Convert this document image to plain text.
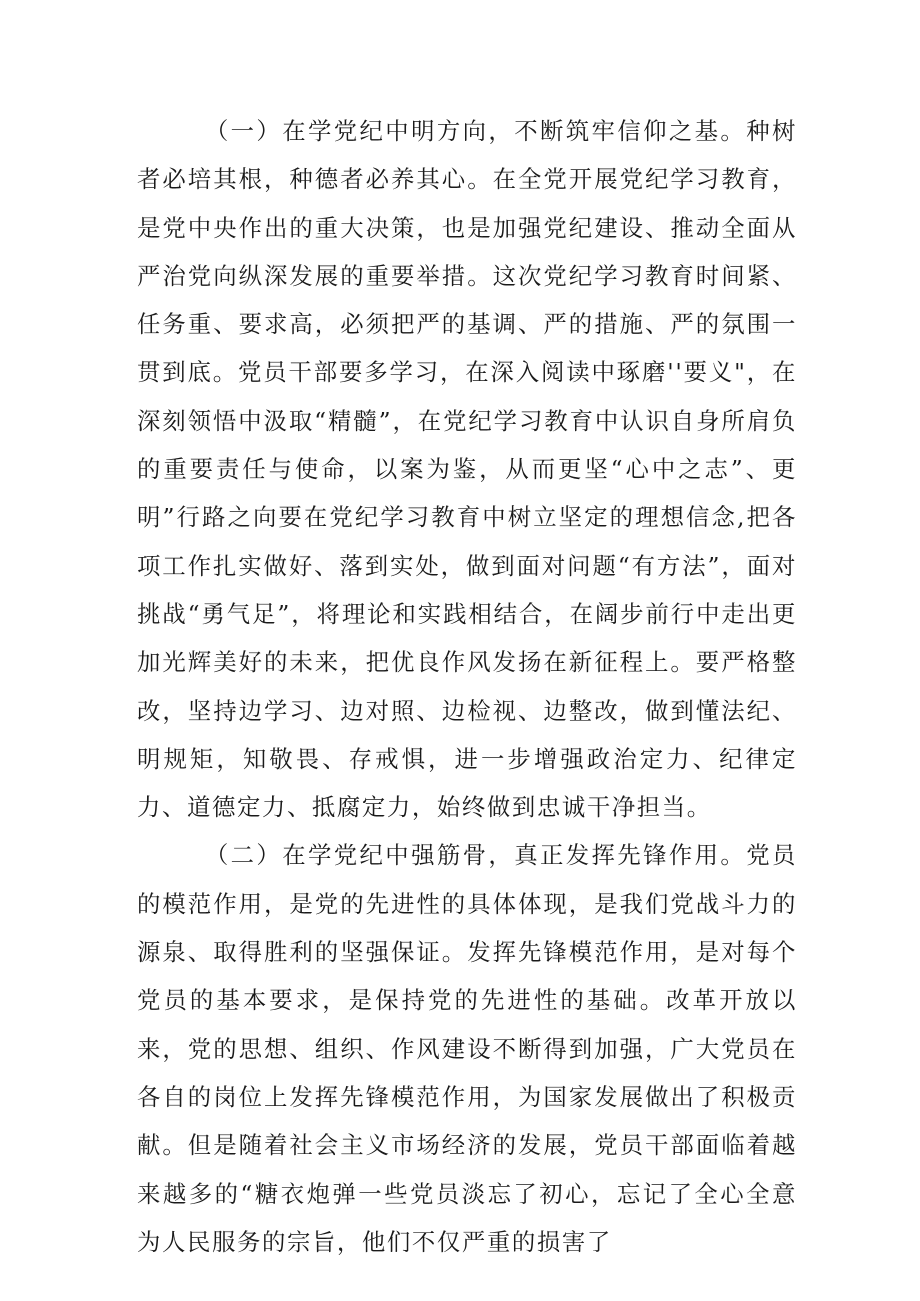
（一）在学党纪中明方向，不断筑牢信仰之基。种树者必培其根，种德者必养其心。在全党开展党纪学习教育，是党中央作出的重大决策，也是加强党纪建设、推动全面从严治党向纵深发展的重要举措。这次党纪学习教育时间紧、任务重、要求高，必须把严的基调、严的措施、严的氛围一贯到底。党员干部要多学习，在深入阅读中琢磨''要义"，在深刻领悟中汲取“精髓”，在党纪学习教育中认识自身所肩负的重要责任与使命，以案为鉴，从而更坚“心中之志”、更明”行路之向要在党纪学习教育中树立坚定的理想信念,把各项工作扎实做好、落到实处，做到面对问题“有方法”，面对挑战“勇气足”，将理论和实践相结合，在阔步前行中走出更加光辉美好的未来，把优良作风发扬在新征程上。要严格整改，坚持边学习、边对照、边检视、边整改，做到懂法纪、明规矩，知敬畏、存戒惧，进一步增强政治定力、纪律定力、道德定力、抵腐定力，始终做到忠诚干净担当。

（二）在学党纪中强筋骨，真正发挥先锋作用。党员的模范作用，是党的先进性的具体体现，是我们党战斗力的源泉、取得胜利的坚强保证。发挥先锋模范作用，是对每个党员的基本要求，是保持党的先进性的基础。改革开放以来，党的思想、组织、作风建设不断得到加强，广大党员在各自的岗位上发挥先锋模范作用，为国家发展做出了积极贡献。但是随着社会主义市场经济的发展，党员干部面临着越来越多的“糖衣炮弹一些党员淡忘了初心，忘记了全心全意为人民服务的宗旨，他们不仅严重的损害了
